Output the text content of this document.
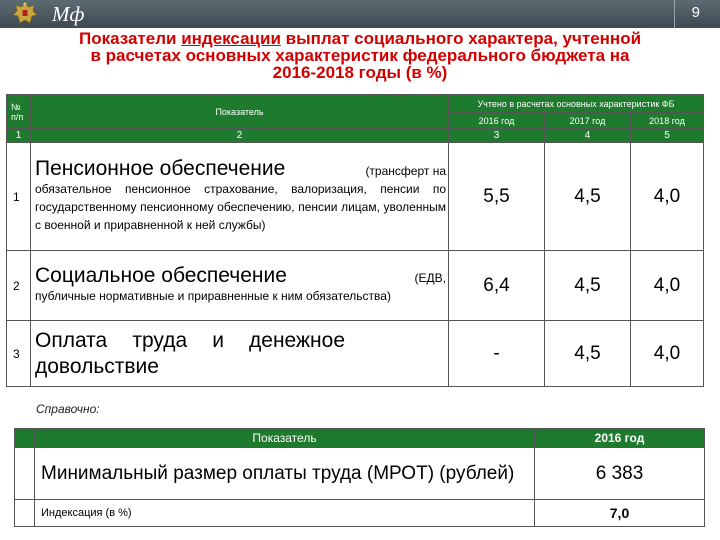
Мф	9
Показатели индексации выплат социального характера, учтенной
в расчетах основных характеристик федерального бюджета на
2016-2018 годы (в %)
№ п/п	Показатель	Учтено в расчетах основных характеристик ФБ		
		2016 год	2017 год	2018 год
1	2	3	4	5
1	Пенсионное обеспечение (трансферт на
обязательное пенсионное страхование, валоризация, пенсии по государственному пенсионному обеспечению, пенсии лицам, уволенным с военной и приравненной к ней службы)	5,5	4,5	4,0
2	Социальное обеспечение (ЕДВ,
публичные нормативные и приравненные к ним обязательства)	6,4	4,5	4,0
3	Оплата труда и денежное довольствие	-	4,5	4,0
Справочно:
	Показатель	2016 год
	Минимальный размер оплаты труда (МРОТ) (рублей)	6 383
	Индексация (в %)	7,0
